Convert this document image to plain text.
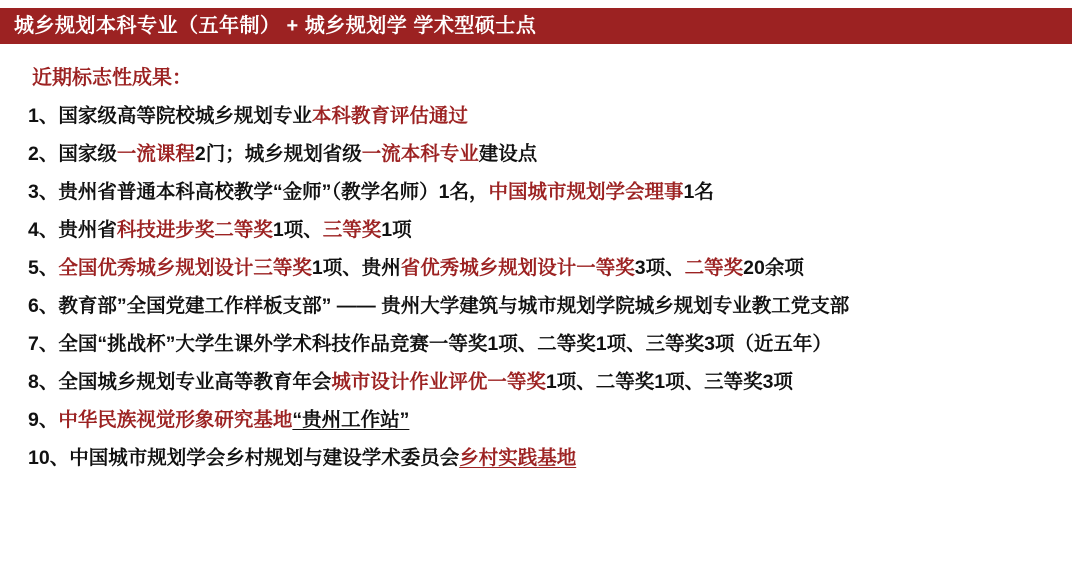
城乡规划本科专业（五年制） + 城乡规划学 学术型硕士点
近期标志性成果：
1、国家级高等院校城乡规划专业本科教育评估通过
2、国家级一流课程2门；城乡规划省级一流本科专业建设点
3、贵州省普通本科高校教学“金师”（教学名师）1名，中国城市规划学会理事1名
4、贵州省科技进步奖二等奖1项、三等奖1项
5、全国优秀城乡规划设计三等奖1项、贵州省优秀城乡规划设计一等奖3项、二等奖20余项
6、教育部”全国党建工作样板支部” —— 贵州大学建筑与城市规划学院城乡规划专业教工党支部
7、全国“挑战杯”大学生课外学术科技作品竞赛一等奖1项、二等奖1项、三等奖3项（近五年）
8、全国城乡规划专业高等教育年会城市设计作业评优一等奖1项、二等奖1项、三等奖3项
9、中华民族视觉形象研究基地“贵州工作站”
10、中国城市规划学会乡村规划与建设学术委员会乡村实践基地
